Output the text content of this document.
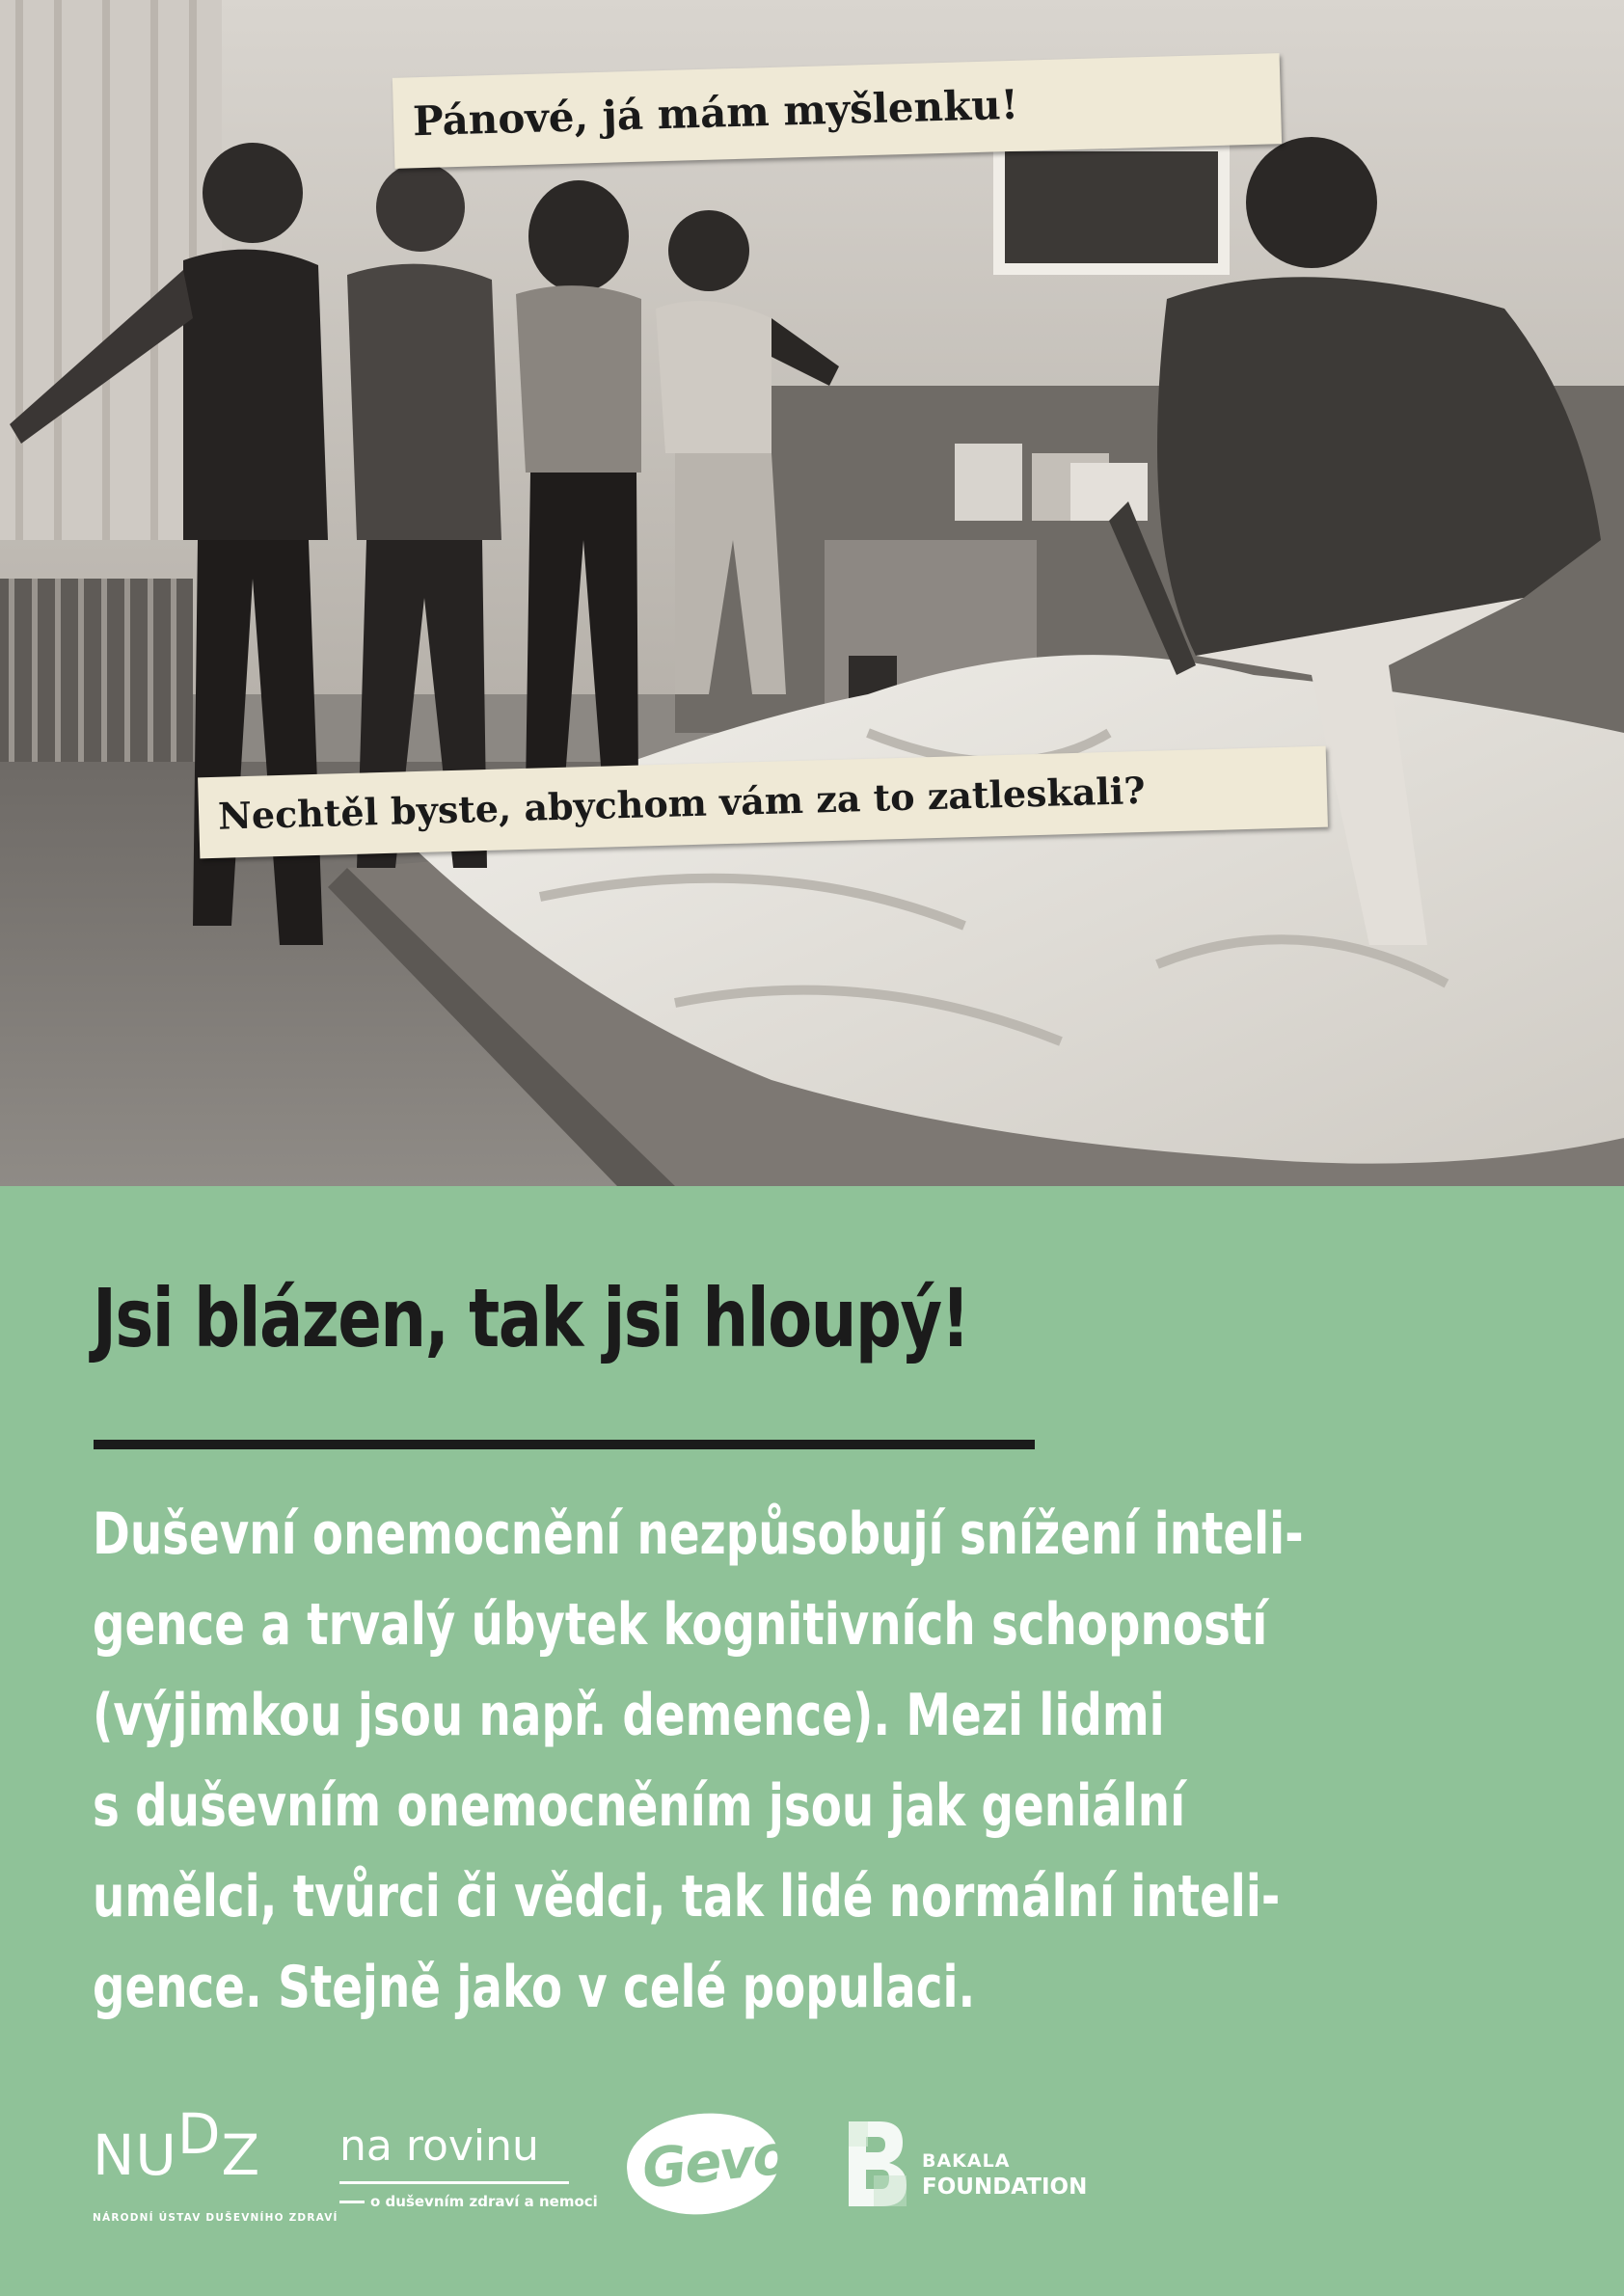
Pánové, já mám myšlenku!
Nechtěl byste, abychom vám za to zatleskali?
Jsi blázen, tak jsi hloupý!
Duševní onemocnění nezpůsobují snížení inteli-
gence a trvalý úbytek kognitivních schopností
(výjimkou jsou např. demence). Mezi lidmi
s duševním onemocněním jsou jak geniální
umělci, tvůrci či vědci, tak lidé normální inteli-
gence. Stejně jako v celé populaci.
NUDZ
NÁRODNÍ ÚSTAV DUŠEVNÍHO ZDRAVÍ
na rovinu
o duševním zdraví a nemoci
Gevo	BAKALA
FOUNDATION
